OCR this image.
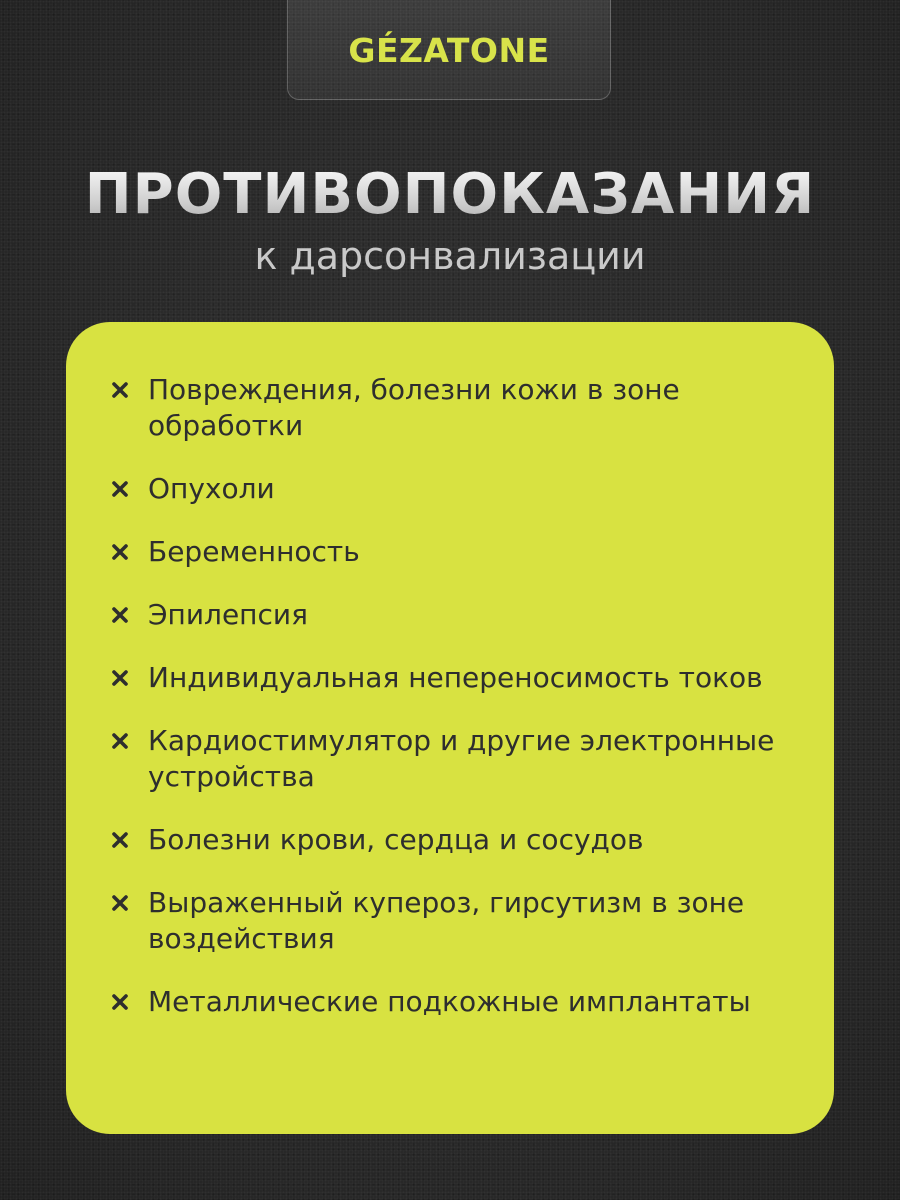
GÉZATONE
ПРОТИВОПОКАЗАНИЯ
к дарсонвализации
Повреждения, болезни кожи в зоне обработки
Опухоли
Беременность
Эпилепсия
Индивидуальная непереносимость токов
Кардиостимулятор и другие электронные устройства
Болезни крови, сердца и сосудов
Выраженный купероз, гирсутизм в зоне воздействия
Металлические подкожные имплантаты
